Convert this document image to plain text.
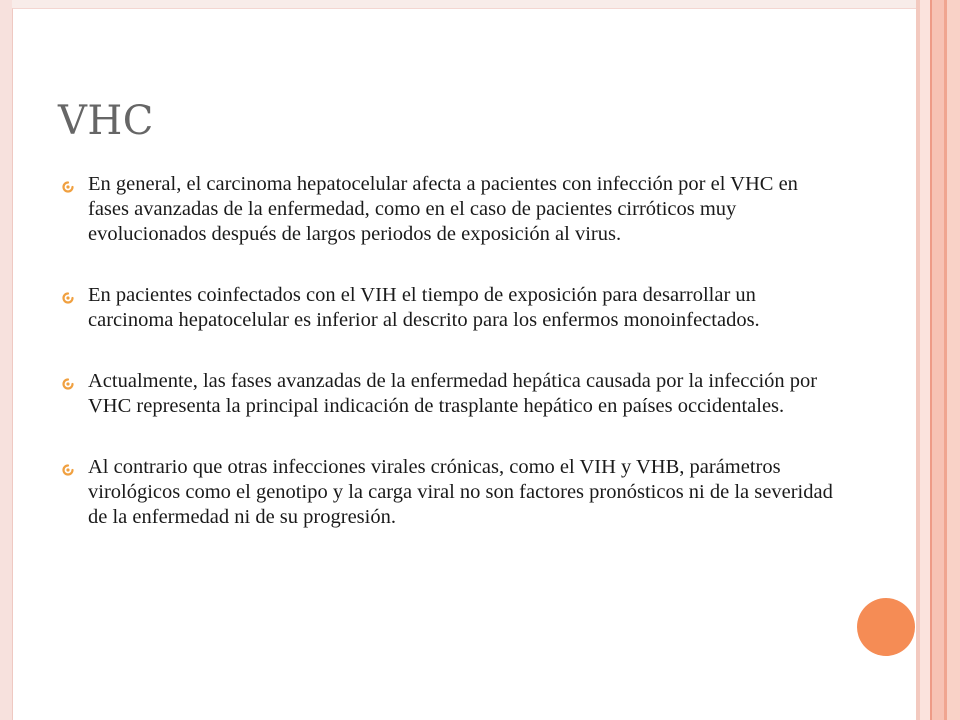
VHC
En general, el carcinoma hepatocelular afecta a pacientes con infección por el VHC en fases avanzadas de la enfermedad, como en el caso de pacientes cirróticos muy evolucionados después de largos periodos de exposición al virus.
En pacientes coinfectados con el VIH el tiempo de exposición para desarrollar un carcinoma hepatocelular es inferior al descrito para los enfermos monoinfectados.
Actualmente, las fases avanzadas de la enfermedad hepática causada por la infección por VHC representa la principal indicación de trasplante hepático en países occidentales.
Al contrario que otras infecciones virales crónicas, como el VIH y VHB, parámetros virológicos como el genotipo y la carga viral no son factores pronósticos ni de la severidad de la enfermedad ni de su progresión.
